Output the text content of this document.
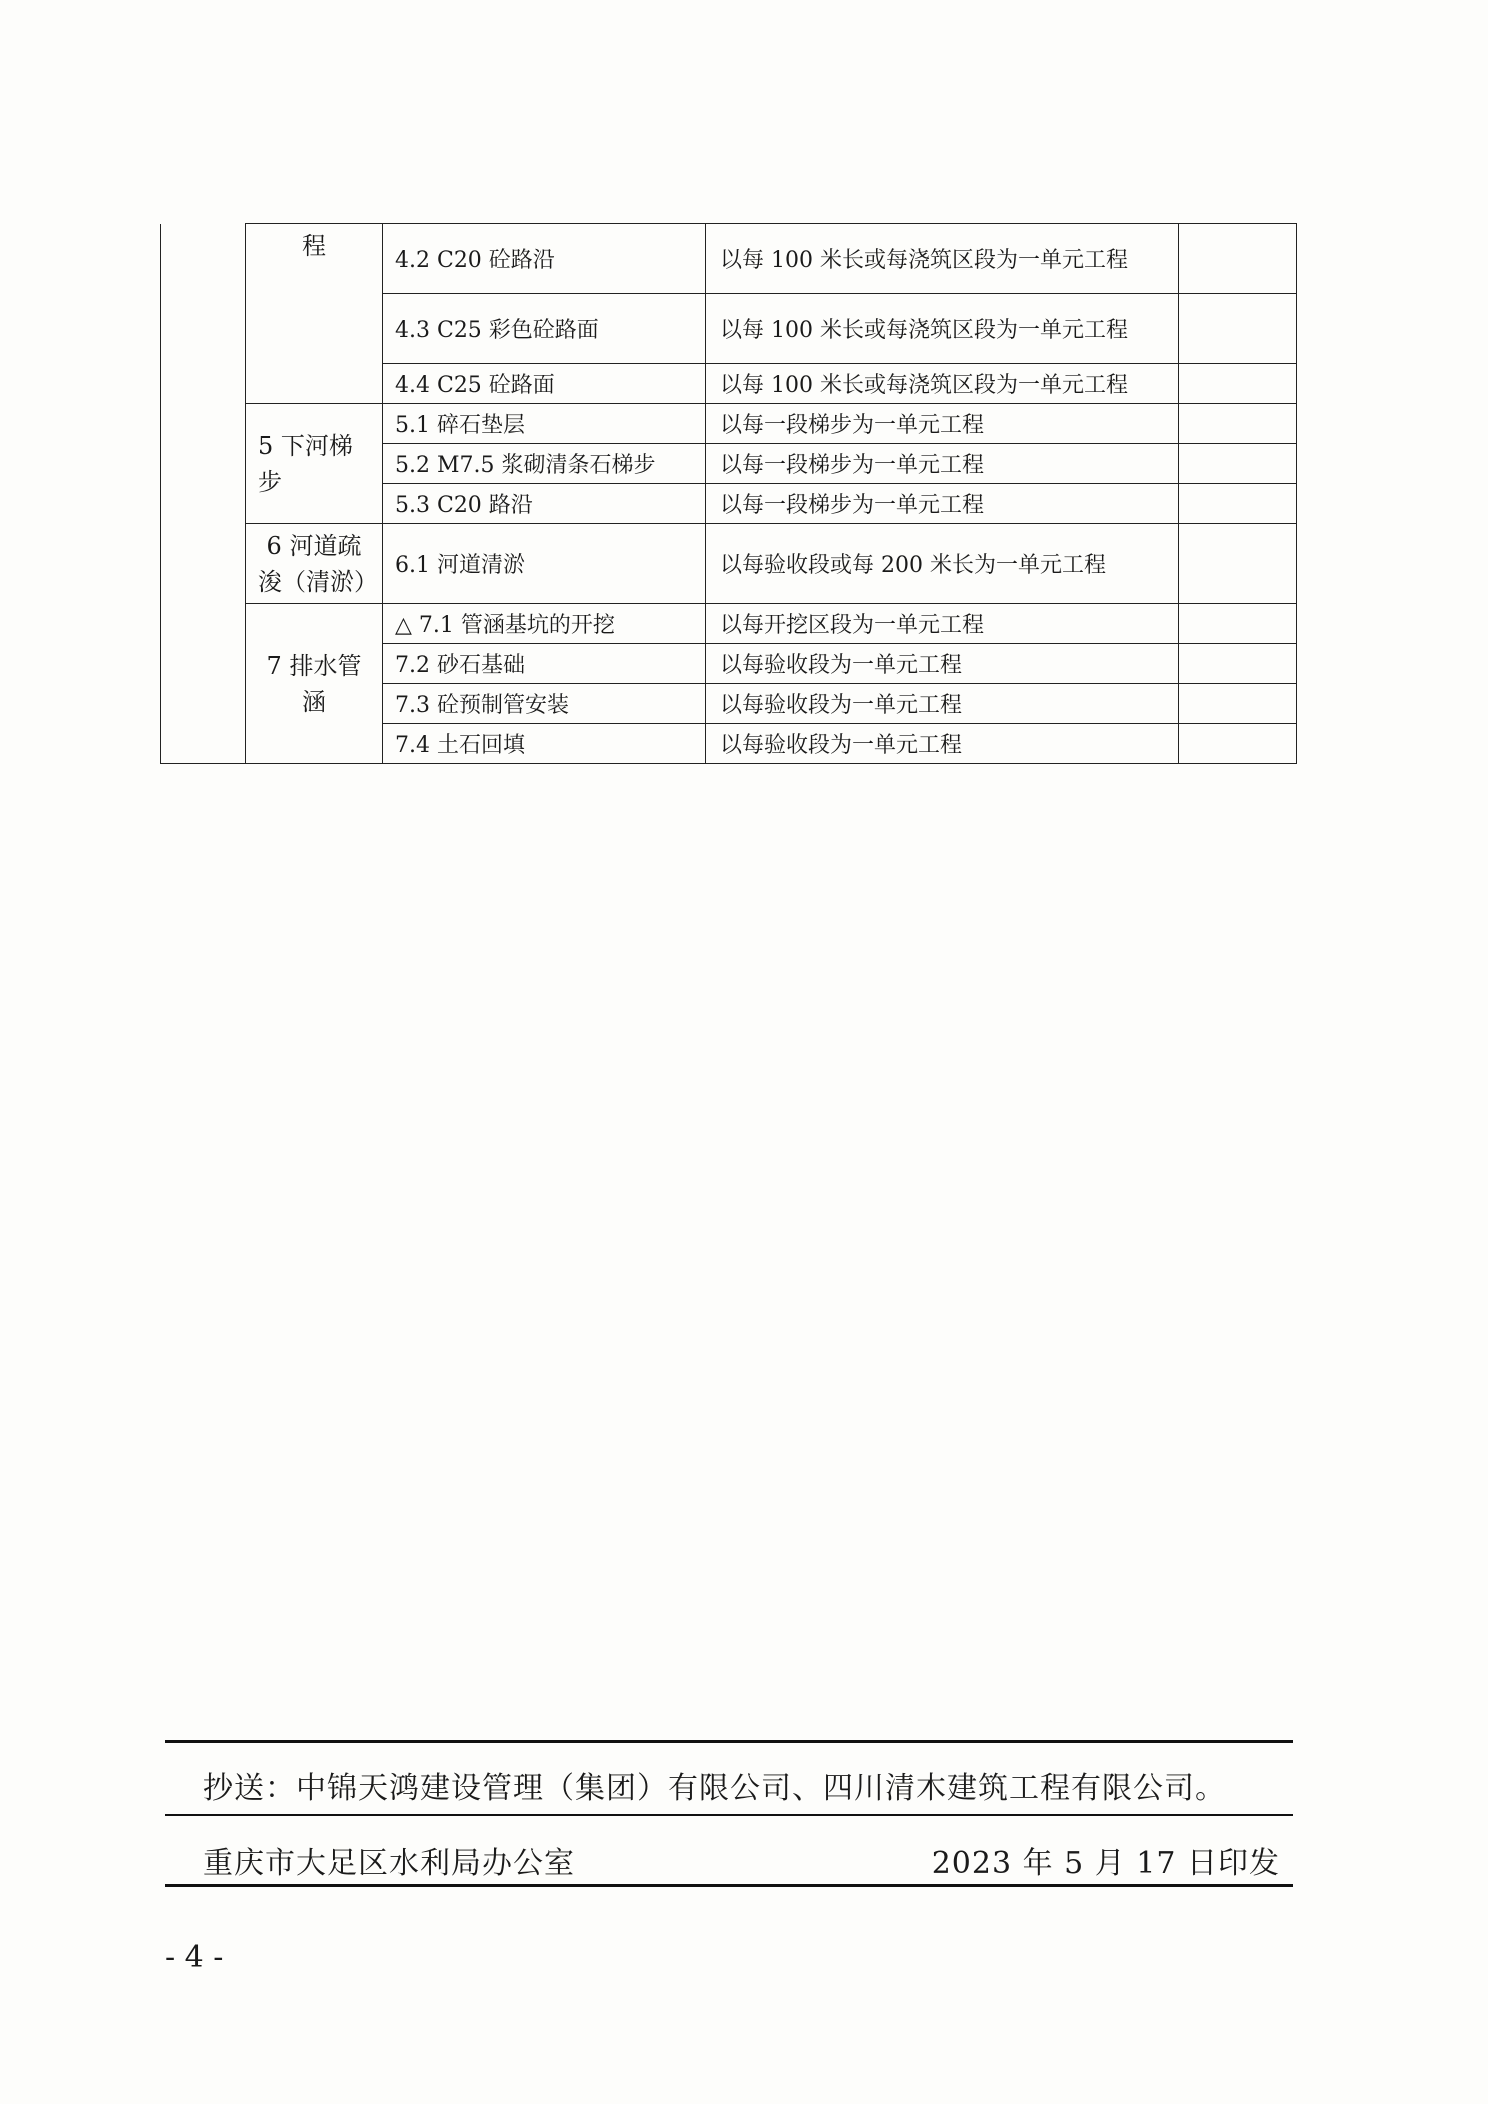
	程	4.2 C20 砼路沿	以每 100 米长或每浇筑区段为一单元工程	
		4.3 C25 彩色砼路面	以每 100 米长或每浇筑区段为一单元工程	
		4.4 C25 砼路面	以每 100 米长或每浇筑区段为一单元工程	
	5 下河梯步	5.1 碎石垫层	以每一段梯步为一单元工程	
		5.2 M7.5 浆砌清条石梯步	以每一段梯步为一单元工程	
		5.3 C20 路沿	以每一段梯步为一单元工程	
	6 河道疏浚（清淤）	6.1 河道清淤	以每验收段或每 200 米长为一单元工程	
	7 排水管涵	△ 7.1 管涵基坑的开挖	以每开挖区段为一单元工程	
		7.2 砂石基础	以每验收段为一单元工程	
		7.3 砼预制管安装	以每验收段为一单元工程	
		7.4 土石回填	以每验收段为一单元工程	
抄送：中锦天鸿建设管理（集团）有限公司、四川清木建筑工程有限公司。
重庆市大足区水利局办公室	2023 年 5 月 17 日印发
- 4 -
